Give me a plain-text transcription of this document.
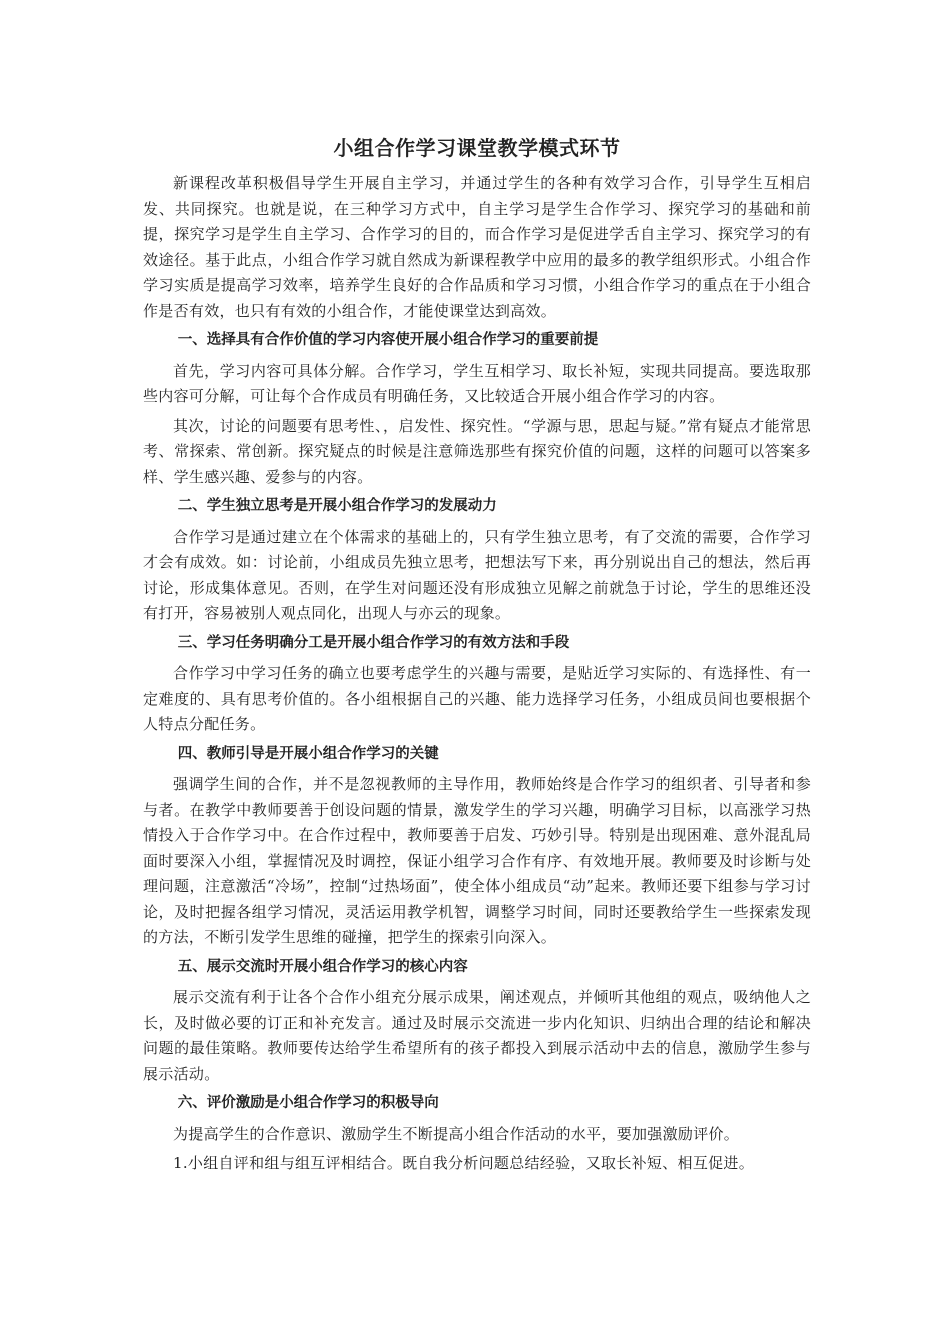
小组合作学习课堂教学模式环节

新课程改革积极倡导学生开展自主学习，并通过学生的各种有效学习合作，引导学生互相启发、共同探究。也就是说，在三种学习方式中，自主学习是学生合作学习、探究学习的基础和前提，探究学习是学生自主学习、合作学习的目的，而合作学习是促进学舌自主学习、探究学习的有效途径。基于此点，小组合作学习就自然成为新课程教学中应用的最多的教学组织形式。小组合作学习实质是提高学习效率，培养学生良好的合作品质和学习习惯，小组合作学习的重点在于小组合作是否有效，也只有有效的小组合作，才能使课堂达到高效。

一、选择具有合作价值的学习内容使开展小组合作学习的重要前提

首先，学习内容可具体分解。合作学习，学生互相学习、取长补短，实现共同提高。要选取那些内容可分解，可让每个合作成员有明确任务，又比较适合开展小组合作学习的内容。

其次，讨论的问题要有思考性、，启发性、探究性。“学源与思，思起与疑。”常有疑点才能常思考、常探索、常创新。探究疑点的时候是注意筛选那些有探究价值的问题，这样的问题可以答案多样、学生感兴趣、爱参与的内容。

二、学生独立思考是开展小组合作学习的发展动力

合作学习是通过建立在个体需求的基础上的，只有学生独立思考，有了交流的需要，合作学习才会有成效。如：讨论前，小组成员先独立思考，把想法写下来，再分别说出自己的想法，然后再讨论，形成集体意见。否则，在学生对问题还没有形成独立见解之前就急于讨论，学生的思维还没有打开，容易被别人观点同化，出现人与亦云的现象。

三、学习任务明确分工是开展小组合作学习的有效方法和手段

合作学习中学习任务的确立也要考虑学生的兴趣与需要，是贴近学习实际的、有选择性、有一定难度的、具有思考价值的。各小组根据自己的兴趣、能力选择学习任务，小组成员间也要根据个人特点分配任务。

四、教师引导是开展小组合作学习的关键

强调学生间的合作，并不是忽视教师的主导作用，教师始终是合作学习的组织者、引导者和参与者。在教学中教师要善于创设问题的情景，激发学生的学习兴趣，明确学习目标，以高涨学习热情投入于合作学习中。在合作过程中，教师要善于启发、巧妙引导。特别是出现困难、意外混乱局面时要深入小组，掌握情况及时调控，保证小组学习合作有序、有效地开展。教师要及时诊断与处理问题，注意激活“冷场”，控制“过热场面”，使全体小组成员“动”起来。教师还要下组参与学习讨论，及时把握各组学习情况，灵活运用教学机智，调整学习时间，同时还要教给学生一些探索发现的方法，不断引发学生思维的碰撞，把学生的探索引向深入。

五、展示交流时开展小组合作学习的核心内容

展示交流有利于让各个合作小组充分展示成果，阐述观点，并倾听其他组的观点，吸纳他人之长，及时做必要的订正和补充发言。通过及时展示交流进一步内化知识、归纳出合理的结论和解决问题的最佳策略。教师要传达给学生希望所有的孩子都投入到展示活动中去的信息，激励学生参与展示活动。

六、评价激励是小组合作学习的积极导向

为提高学生的合作意识、激励学生不断提高小组合作活动的水平，要加强激励评价。

1.小组自评和组与组互评相结合。既自我分析问题总结经验，又取长补短、相互促进。
